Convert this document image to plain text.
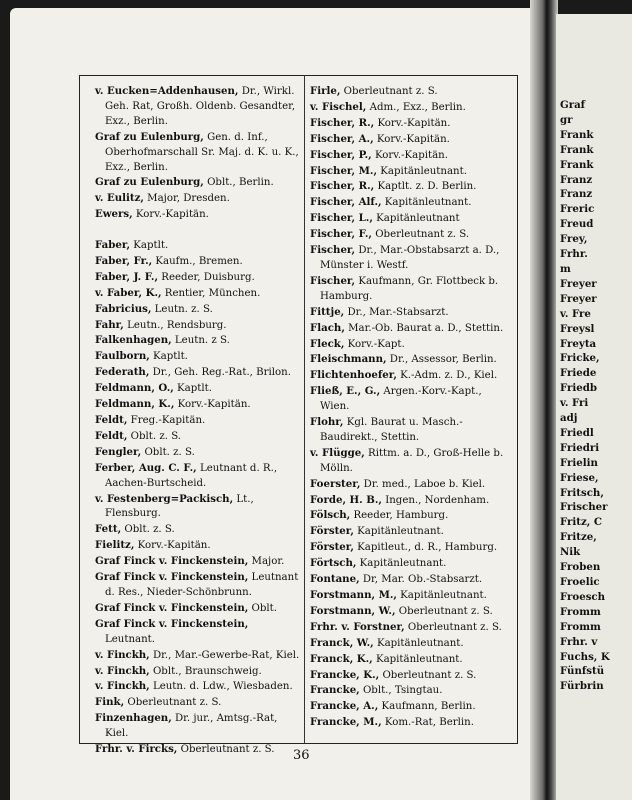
Graf
gr
Frank
Frank
Frank
Franz
Franz
Freric
Freud
Frey,
Frhr.
m
Freyer
Freyer
v. Fre
Freysl
Freyta
Fricke,
Friede
Friedb
v. Fri
adj
Friedl
Friedri
Frielin
Friese,
Fritsch,
Frischer
Fritz, C
Fritze,
Nik
Froben
Froelic
Froesch
Fromm
Fromm
Frhr. v
Fuchs, K
Fünfstü
Fürbrin

v. Eucken=Addenhausen, Dr., Wirkl. Geh. Rat, Großh. Oldenb. Gesandter, Exz., Berlin.

Graf zu Eulenburg, Gen. d. Inf., Oberhofmarschall Sr. Maj. d. K. u. K., Exz., Berlin.

Graf zu Eulenburg, Oblt., Berlin.

v. Eulitz, Major, Dresden.

Ewers, Korv.-Kapitän.

Faber, Kaptlt.

Faber, Fr., Kaufm., Bremen.

Faber, J. F., Reeder, Duisburg.

v. Faber, K., Rentier, München.

Fabricius, Leutn. z. S.

Fahr, Leutn., Rendsburg.

Falkenhagen, Leutn. z S.

Faulborn, Kaptlt.

Federath, Dr., Geh. Reg.-Rat., Brilon.

Feldmann, O., Kaptlt.

Feldmann, K., Korv.-Kapitän.

Feldt, Freg.-Kapitän.

Feldt, Oblt. z. S.

Fengler, Oblt. z. S.

Ferber, Aug. C. F., Leutnant d. R., Aachen-Burtscheid.

v. Festenberg=Packisch, Lt., Flensburg.

Fett, Oblt. z. S.

Fielitz, Korv.-Kapitän.

Graf Finck v. Finckenstein, Major.

Graf Finck v. Finckenstein, Leutnant d. Res., Nieder-Schönbrunn.

Graf Finck v. Finckenstein, Oblt.

Graf Finck v. Finckenstein, Leutnant.

v. Finckh, Dr., Mar.-Gewerbe-Rat, Kiel.

v. Finckh, Oblt., Braunschweig.

v. Finckh, Leutn. d. Ldw., Wiesbaden.

Fink, Oberleutnant z. S.

Finzenhagen, Dr. jur., Amtsg.-Rat, Kiel.

Frhr. v. Fircks, Oberleutnant z. S.

Firle, Oberleutnant z. S.

v. Fischel, Adm., Exz., Berlin.

Fischer, R., Korv.-Kapitän.

Fischer, A., Korv.-Kapitän.

Fischer, P., Korv.-Kapitän.

Fischer, M., Kapitänleutnant.

Fischer, R., Kaptlt. z. D. Berlin.

Fischer, Alf., Kapitänleutnant.

Fischer, L., Kapitänleutnant

Fischer, F., Oberleutnant z. S.

Fischer, Dr., Mar.-Obstabsarzt a. D., Münster i. Westf.

Fischer, Kaufmann, Gr. Flottbeck b. Hamburg.

Fittje, Dr., Mar.-Stabsarzt.

Flach, Mar.-Ob. Baurat a. D., Stettin.

Fleck, Korv.-Kapt.

Fleischmann, Dr., Assessor, Berlin.

Flichtenhoefer, K.-Adm. z. D., Kiel.

Fließ, E., G., Argen.-Korv.-Kapt., Wien.

Flohr, Kgl. Baurat u. Masch.-Baudirekt., Stettin.

v. Flügge, Rittm. a. D., Groß-Helle b. Mölln.

Foerster, Dr. med., Laboe b. Kiel.

Forde, H. B., Ingen., Nordenham.

Fölsch, Reeder, Hamburg.

Förster, Kapitänleutnant.

Förster, Kapitleut., d. R., Hamburg.

Förtsch, Kapitänleutnant.

Fontane, Dr, Mar. Ob.-Stabsarzt.

Forstmann, M., Kapitänleutnant.

Forstmann, W., Oberleutnant z. S.

Frhr. v. Forstner, Oberleutnant z. S.

Franck, W., Kapitänleutnant.

Franck, K., Kapitänleutnant.

Francke, K., Oberleutnant z. S.

Francke, Oblt., Tsingtau.

Francke, A., Kaufmann, Berlin.

Francke, M., Kom.-Rat, Berlin.

36
